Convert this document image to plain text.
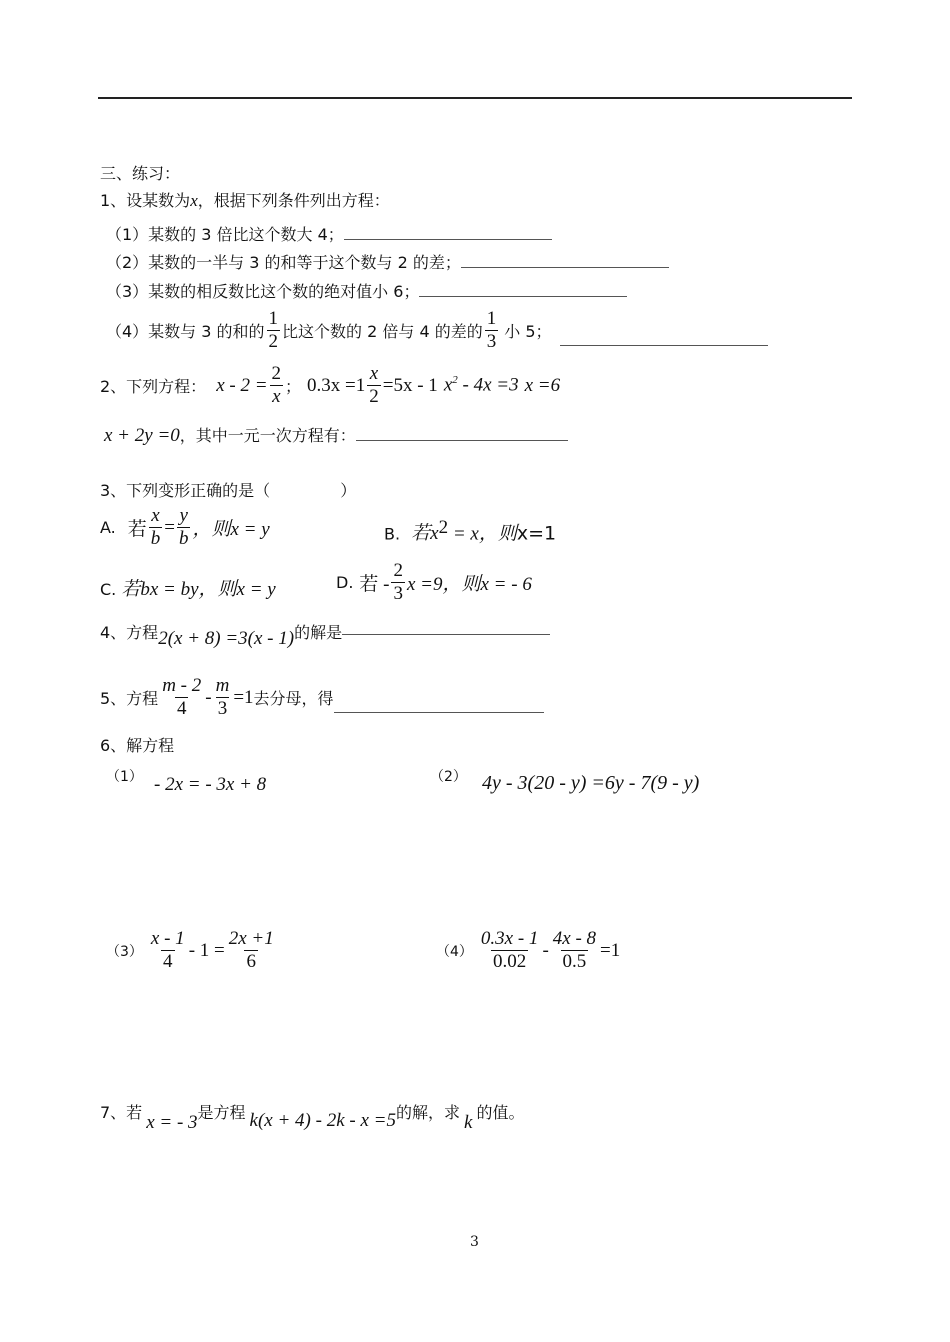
三、练习：
1、设某数为x，根据下列条件列出方程：
（1）某数的 3 倍比这个数大 4；
（2）某数的一半与 3 的和等于这个数与 2 的差；
（3）某数的相反数比这个数的绝对值小 6；
（4）某数与 3 的和的 $\frac{1}{2}$ 比这个数的 2 倍与 4 的差的 $\frac{1}{3}$ 小 5；
2、下列方程： $x - 2 = \frac{2}{x}$ ； $0.3x =1 \frac{x}{2} =5x - 1$ $x^2 - 4x =3$ x =6
x + 2y =0，其中一元一次方程有：
3、下列变形正确的是（	）
A. 若 $\frac{x}{b} = \frac{y}{b}$ ，则x = y	B. 若$x^2 = x$，则x=1
C. 若bx = by，则x = y	D. 若 - $\frac{2}{3}$ x =9，则x = - 6
4、方程 2(x + 8) =3(x - 1) 的解是
5、方程 $\frac{m - 2}{4} - \frac{m}{3} =1$ 去分母，得
6、解方程
（1） - 2x = - 3x + 8	（2） 4y - 3(20 - y) =6y - 7(9 - y)
$(3) \frac{x - 1}{4} - 1 = \frac{2x +1}{6}$	$(4) \frac{0.3x - 1}{0.02} - \frac{4x - 8}{0.5} =1$
7、若 x = - 3 是方程 k(x + 4) - 2k - x =5 的解，求 k 的值。
3
